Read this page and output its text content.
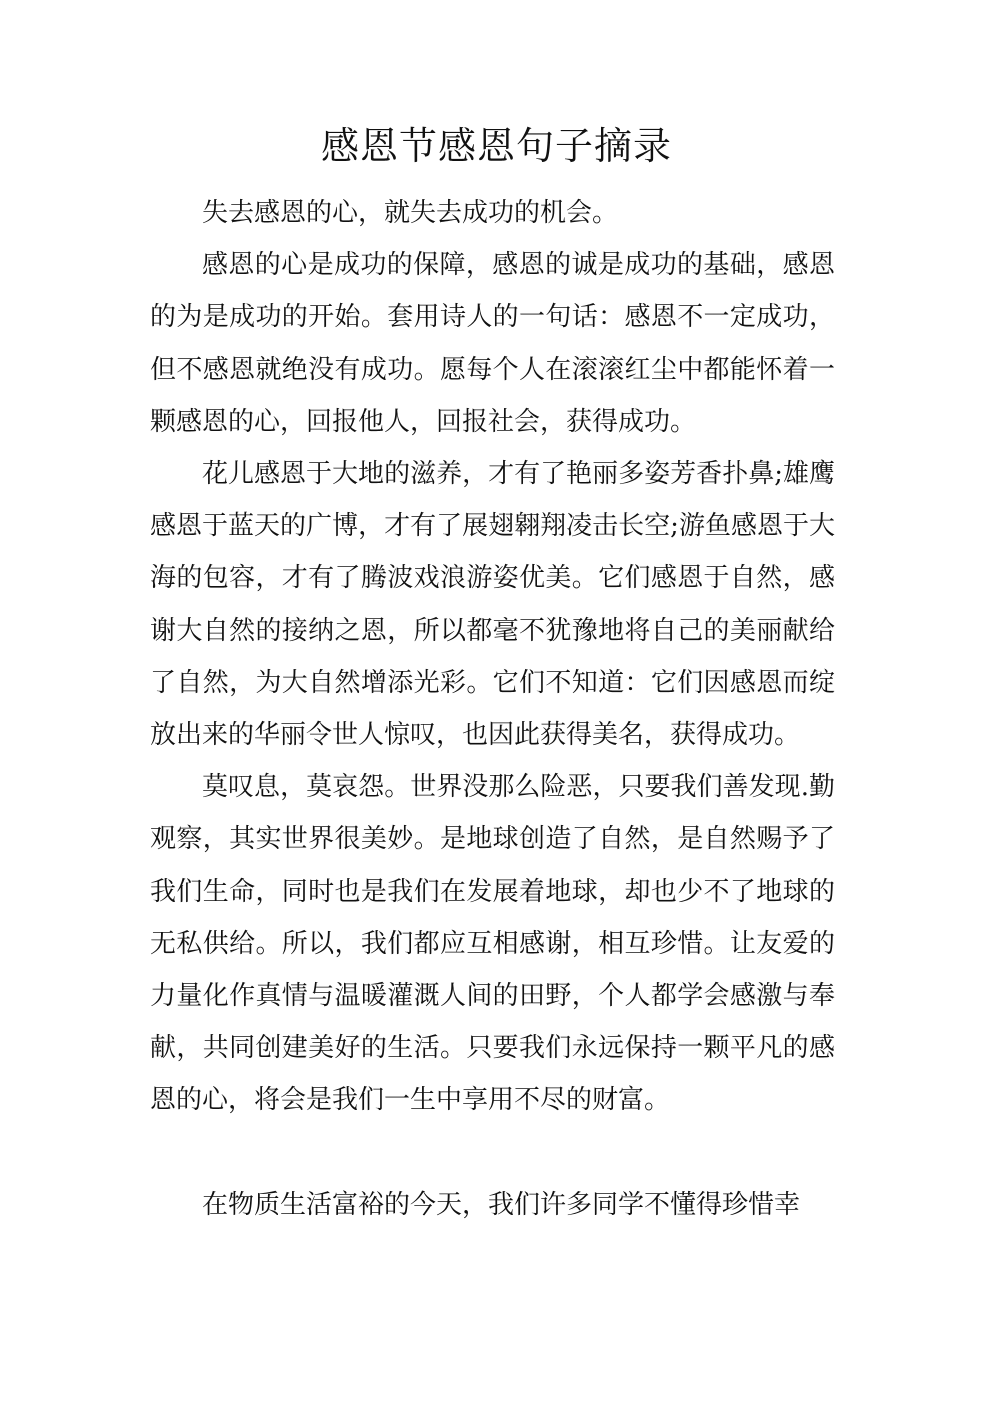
感恩节感恩句子摘录

失去感恩的心，就失去成功的机会。

感恩的心是成功的保障，感恩的诚是成功的基础，感恩的为是成功的开始。套用诗人的一句话：感恩不一定成功，但不感恩就绝没有成功。愿每个人在滚滚红尘中都能怀着一颗感恩的心，回报他人，回报社会，获得成功。

花儿感恩于大地的滋养，才有了艳丽多姿芳香扑鼻;雄鹰感恩于蓝天的广博，才有了展翅翱翔凌击长空;游鱼感恩于大海的包容，才有了腾波戏浪游姿优美。它们感恩于自然，感谢大自然的接纳之恩，所以都毫不犹豫地将自己的美丽献给了自然，为大自然增添光彩。它们不知道：它们因感恩而绽放出来的华丽令世人惊叹，也因此获得美名，获得成功。

莫叹息，莫哀怨。世界没那么险恶，只要我们善发现.勤观察，其实世界很美妙。是地球创造了自然，是自然赐予了我们生命，同时也是我们在发展着地球，却也少不了地球的无私供给。所以，我们都应互相感谢，相互珍惜。让友爱的力量化作真情与温暖灌溉人间的田野，个人都学会感激与奉献，共同创建美好的生活。只要我们永远保持一颗平凡的感恩的心，将会是我们一生中享用不尽的财富。

在物质生活富裕的今天，我们许多同学不懂得珍惜幸
